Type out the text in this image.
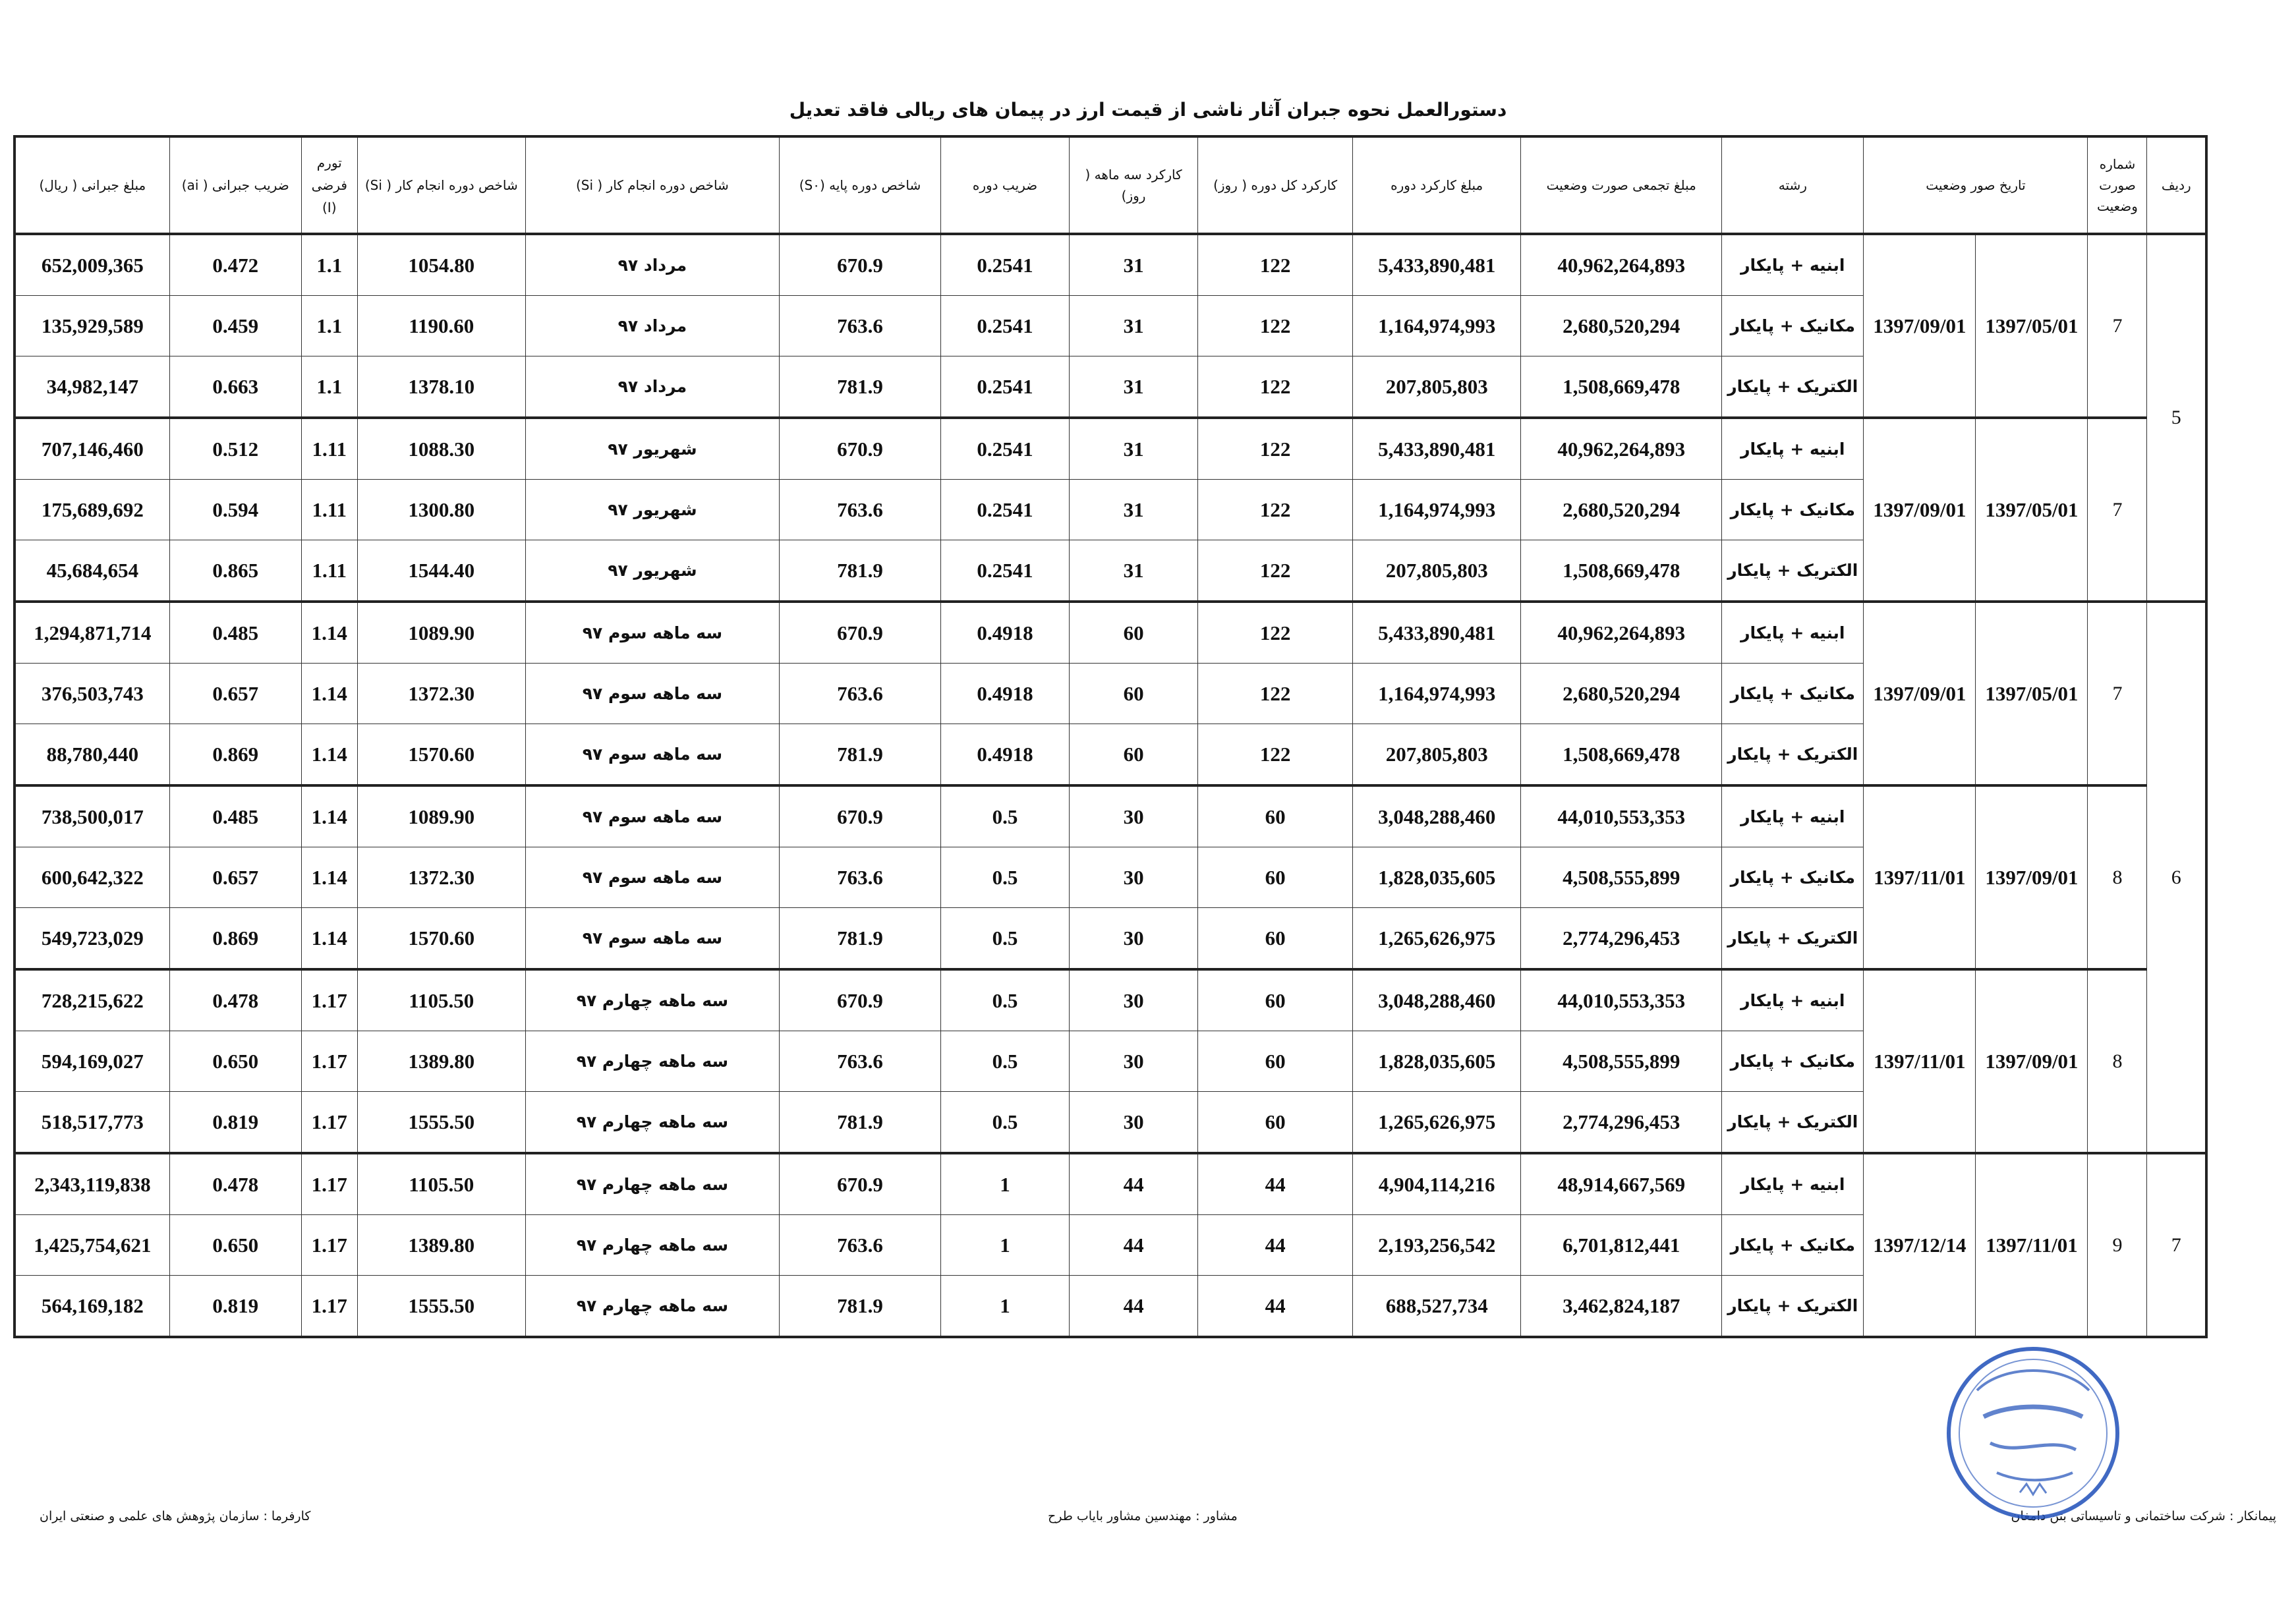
دستورالعمل نحوه جبران آثار ناشی از قیمت ارز در پیمان های ریالی فاقد تعدیل
ردیف	شماره صورت وضعیت	تاریخ صور وضعیت		رشته	مبلغ تجمعی صورت وضعیت	مبلغ کارکرد دوره	کارکرد کل دوره ( روز)	کارکرد سه ماهه ( روز)	ضریب دوره	شاخص دوره پایه (S۰)	شاخص دوره انجام کار ( Si)	شاخص دوره انجام کار ( Si)	تورم فرضی (I)	ضریب جبرانی ( ai)	مبلغ جبرانی ( ریال)
5	7	1397/05/01	1397/09/01	ابنیه + پایکار	40,962,264,893	5,433,890,481	122	31	0.2541	670.9	مرداد ۹۷	1054.80	1.1	0.472	652,009,365
				مکانیک + پایکار	2,680,520,294	1,164,974,993	122	31	0.2541	763.6	مرداد ۹۷	1190.60	1.1	0.459	135,929,589
				الکتریک + پایکار	1,508,669,478	207,805,803	122	31	0.2541	781.9	مرداد ۹۷	1378.10	1.1	0.663	34,982,147
	7	1397/05/01	1397/09/01	ابنیه + پایکار	40,962,264,893	5,433,890,481	122	31	0.2541	670.9	شهریور ۹۷	1088.30	1.11	0.512	707,146,460
				مکانیک + پایکار	2,680,520,294	1,164,974,993	122	31	0.2541	763.6	شهریور ۹۷	1300.80	1.11	0.594	175,689,692
				الکتریک + پایکار	1,508,669,478	207,805,803	122	31	0.2541	781.9	شهریور ۹۷	1544.40	1.11	0.865	45,684,654
6	7	1397/05/01	1397/09/01	ابنیه + پایکار	40,962,264,893	5,433,890,481	122	60	0.4918	670.9	سه ماهه سوم ۹۷	1089.90	1.14	0.485	1,294,871,714
				مکانیک + پایکار	2,680,520,294	1,164,974,993	122	60	0.4918	763.6	سه ماهه سوم ۹۷	1372.30	1.14	0.657	376,503,743
				الکتریک + پایکار	1,508,669,478	207,805,803	122	60	0.4918	781.9	سه ماهه سوم ۹۷	1570.60	1.14	0.869	88,780,440
	8	1397/09/01	1397/11/01	ابنیه + پایکار	44,010,553,353	3,048,288,460	60	30	0.5	670.9	سه ماهه سوم ۹۷	1089.90	1.14	0.485	738,500,017
				مکانیک + پایکار	4,508,555,899	1,828,035,605	60	30	0.5	763.6	سه ماهه سوم ۹۷	1372.30	1.14	0.657	600,642,322
				الکتریک + پایکار	2,774,296,453	1,265,626,975	60	30	0.5	781.9	سه ماهه سوم ۹۷	1570.60	1.14	0.869	549,723,029
	8	1397/09/01	1397/11/01	ابنیه + پایکار	44,010,553,353	3,048,288,460	60	30	0.5	670.9	سه ماهه چهارم ۹۷	1105.50	1.17	0.478	728,215,622
				مکانیک + پایکار	4,508,555,899	1,828,035,605	60	30	0.5	763.6	سه ماهه چهارم ۹۷	1389.80	1.17	0.650	594,169,027
				الکتریک + پایکار	2,774,296,453	1,265,626,975	60	30	0.5	781.9	سه ماهه چهارم ۹۷	1555.50	1.17	0.819	518,517,773
7	9	1397/11/01	1397/12/14	ابنیه + پایکار	48,914,667,569	4,904,114,216	44	44	1	670.9	سه ماهه چهارم ۹۷	1105.50	1.17	0.478	2,343,119,838
				مکانیک + پایکار	6,701,812,441	2,193,256,542	44	44	1	763.6	سه ماهه چهارم ۹۷	1389.80	1.17	0.650	1,425,754,621
				الکتریک + پایکار	3,462,824,187	688,527,734	44	44	1	781.9	سه ماهه چهارم ۹۷	1555.50	1.17	0.819	564,169,182
پیمانکار : شرکت ساختمانی و تاسیساتی بتن دامغان
مشاور : مهندسین مشاور بایاب طرح
کارفرما : سازمان پژوهش های علمی و صنعتی ایران
